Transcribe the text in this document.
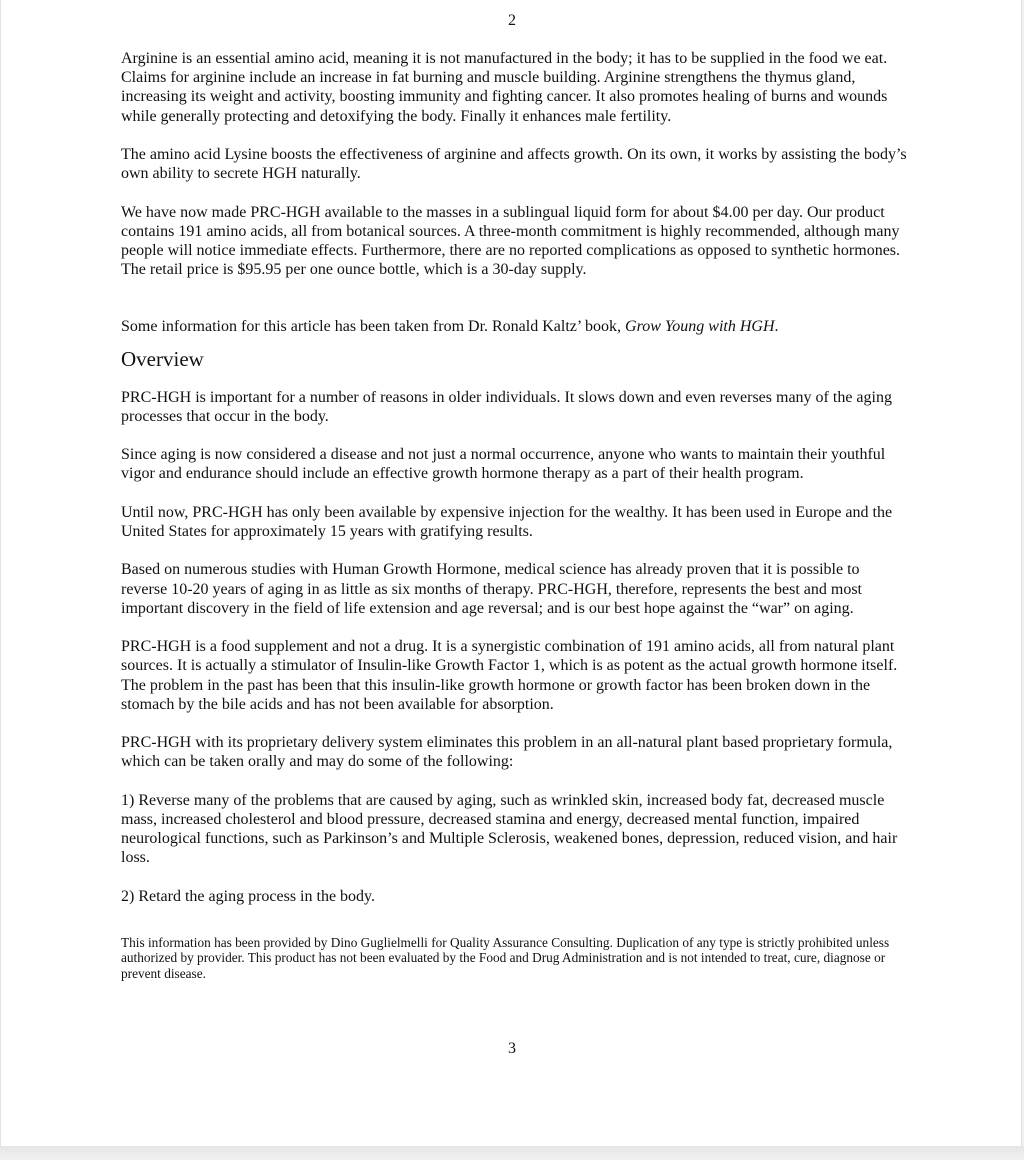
2

Arginine is an essential amino acid, meaning it is not manufactured in the body; it has to be supplied in the food we eat. Claims for arginine include an increase in fat burning and muscle building. Arginine strengthens the thymus gland, increasing its weight and activity, boosting immunity and fighting cancer. It also promotes healing of burns and wounds while generally protecting and detoxifying the body. Finally it enhances male fertility.

The amino acid Lysine boosts the effectiveness of arginine and affects growth. On its own, it works by assisting the body’s own ability to secrete HGH naturally.

We have now made PRC-HGH available to the masses in a sublingual liquid form for about $4.00 per day. Our product contains 191 amino acids, all from botanical sources. A three-month commitment is highly recommended, although many people will notice immediate effects. Furthermore, there are no reported complications as opposed to synthetic hormones. The retail price is $95.95 per one ounce bottle, which is a 30-day supply.

Some information for this article has been taken from Dr. Ronald Kaltz’ book, Grow Young with HGH.

Overview

PRC-HGH is important for a number of reasons in older individuals. It slows down and even reverses many of the aging processes that occur in the body.

Since aging is now considered a disease and not just a normal occurrence, anyone who wants to maintain their youthful vigor and endurance should include an effective growth hormone therapy as a part of their health program.

Until now, PRC-HGH has only been available by expensive injection for the wealthy. It has been used in Europe and the United States for approximately 15 years with gratifying results.

Based on numerous studies with Human Growth Hormone, medical science has already proven that it is possible to reverse 10-20 years of aging in as little as six months of therapy. PRC-HGH, therefore, represents the best and most important discovery in the field of life extension and age reversal; and is our best hope against the “war” on aging.

PRC-HGH is a food supplement and not a drug. It is a synergistic combination of 191 amino acids, all from natural plant sources. It is actually a stimulator of Insulin-like Growth Factor 1, which is as potent as the actual growth hormone itself. The problem in the past has been that this insulin-like growth hormone or growth factor has been broken down in the stomach by the bile acids and has not been available for absorption.

PRC-HGH with its proprietary delivery system eliminates this problem in an all-natural plant based proprietary formula, which can be taken orally and may do some of the following:

1) Reverse many of the problems that are caused by aging, such as wrinkled skin, increased body fat, decreased muscle mass, increased cholesterol and blood pressure, decreased stamina and energy, decreased mental function, impaired neurological functions, such as Parkinson’s and Multiple Sclerosis, weakened bones, depression, reduced vision, and hair loss.

2) Retard the aging process in the body.

This information has been provided by Dino Guglielmelli for Quality Assurance Consulting. Duplication of any type is strictly prohibited unless authorized by provider. This product has not been evaluated by the Food and Drug Administration and is not intended to treat, cure, diagnose or prevent disease.

3
